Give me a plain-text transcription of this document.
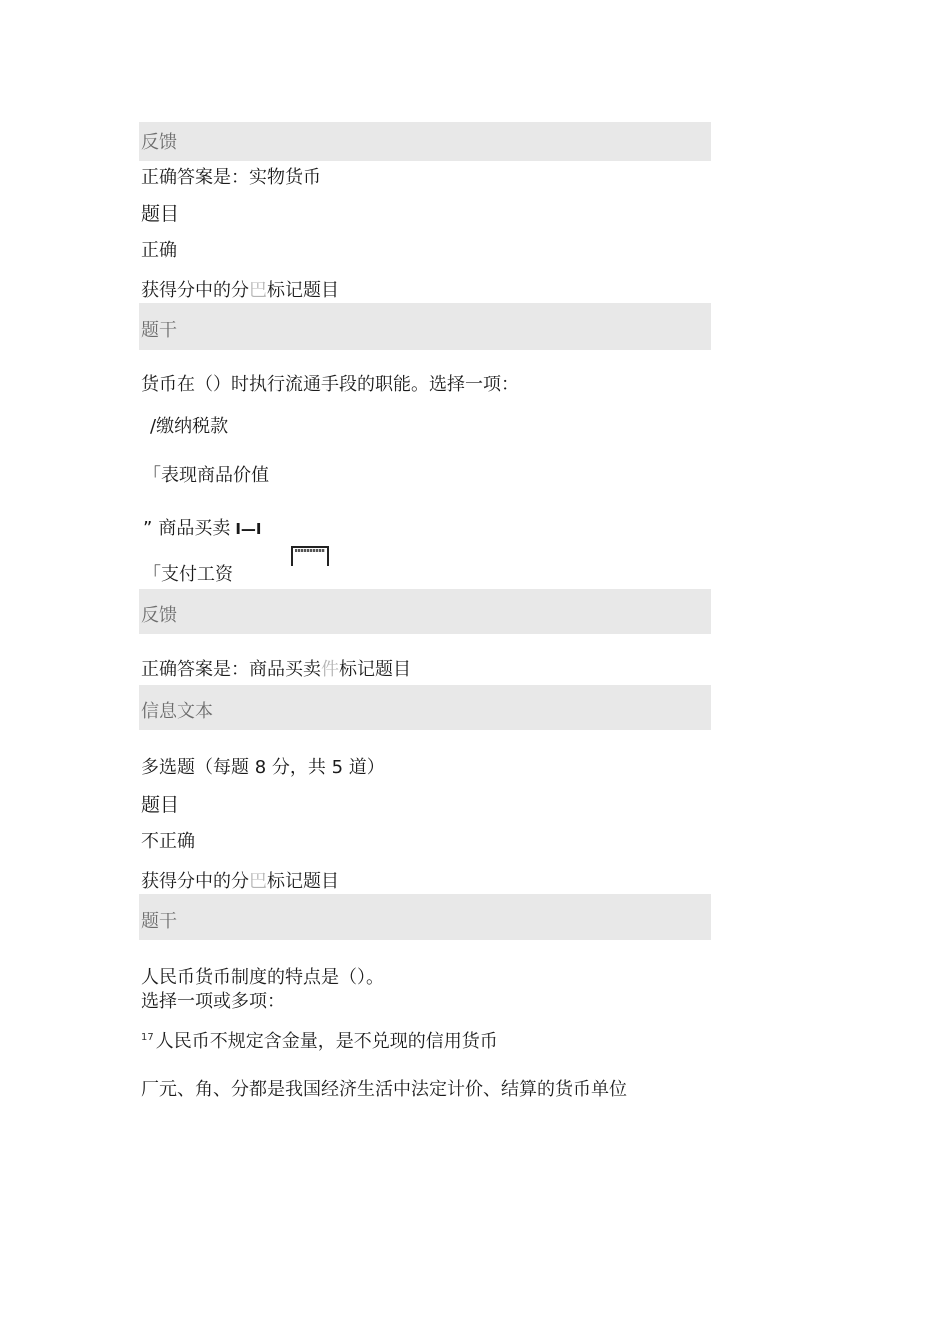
反馈
正确答案是：实物货币
题目
正确
获得分中的分巴标记题目
题干
货币在（）时执行流通手段的职能。选择一项：
/缴纳税款
「表现商品价值
” 商品买卖 I—I
「支付工资
反馈
正确答案是：商品买卖件标记题目
信息文本
多选题（每题 8 分，共 5 道）
题目
不正确
获得分中的分巴标记题目
题干
人民币货币制度的特点是（）。
选择一项或多项：
$^{17}$ 人民币不规定含金量，是不兑现的信用货币
厂元、角、分都是我国经济生活中法定计价、结算的货币单位
